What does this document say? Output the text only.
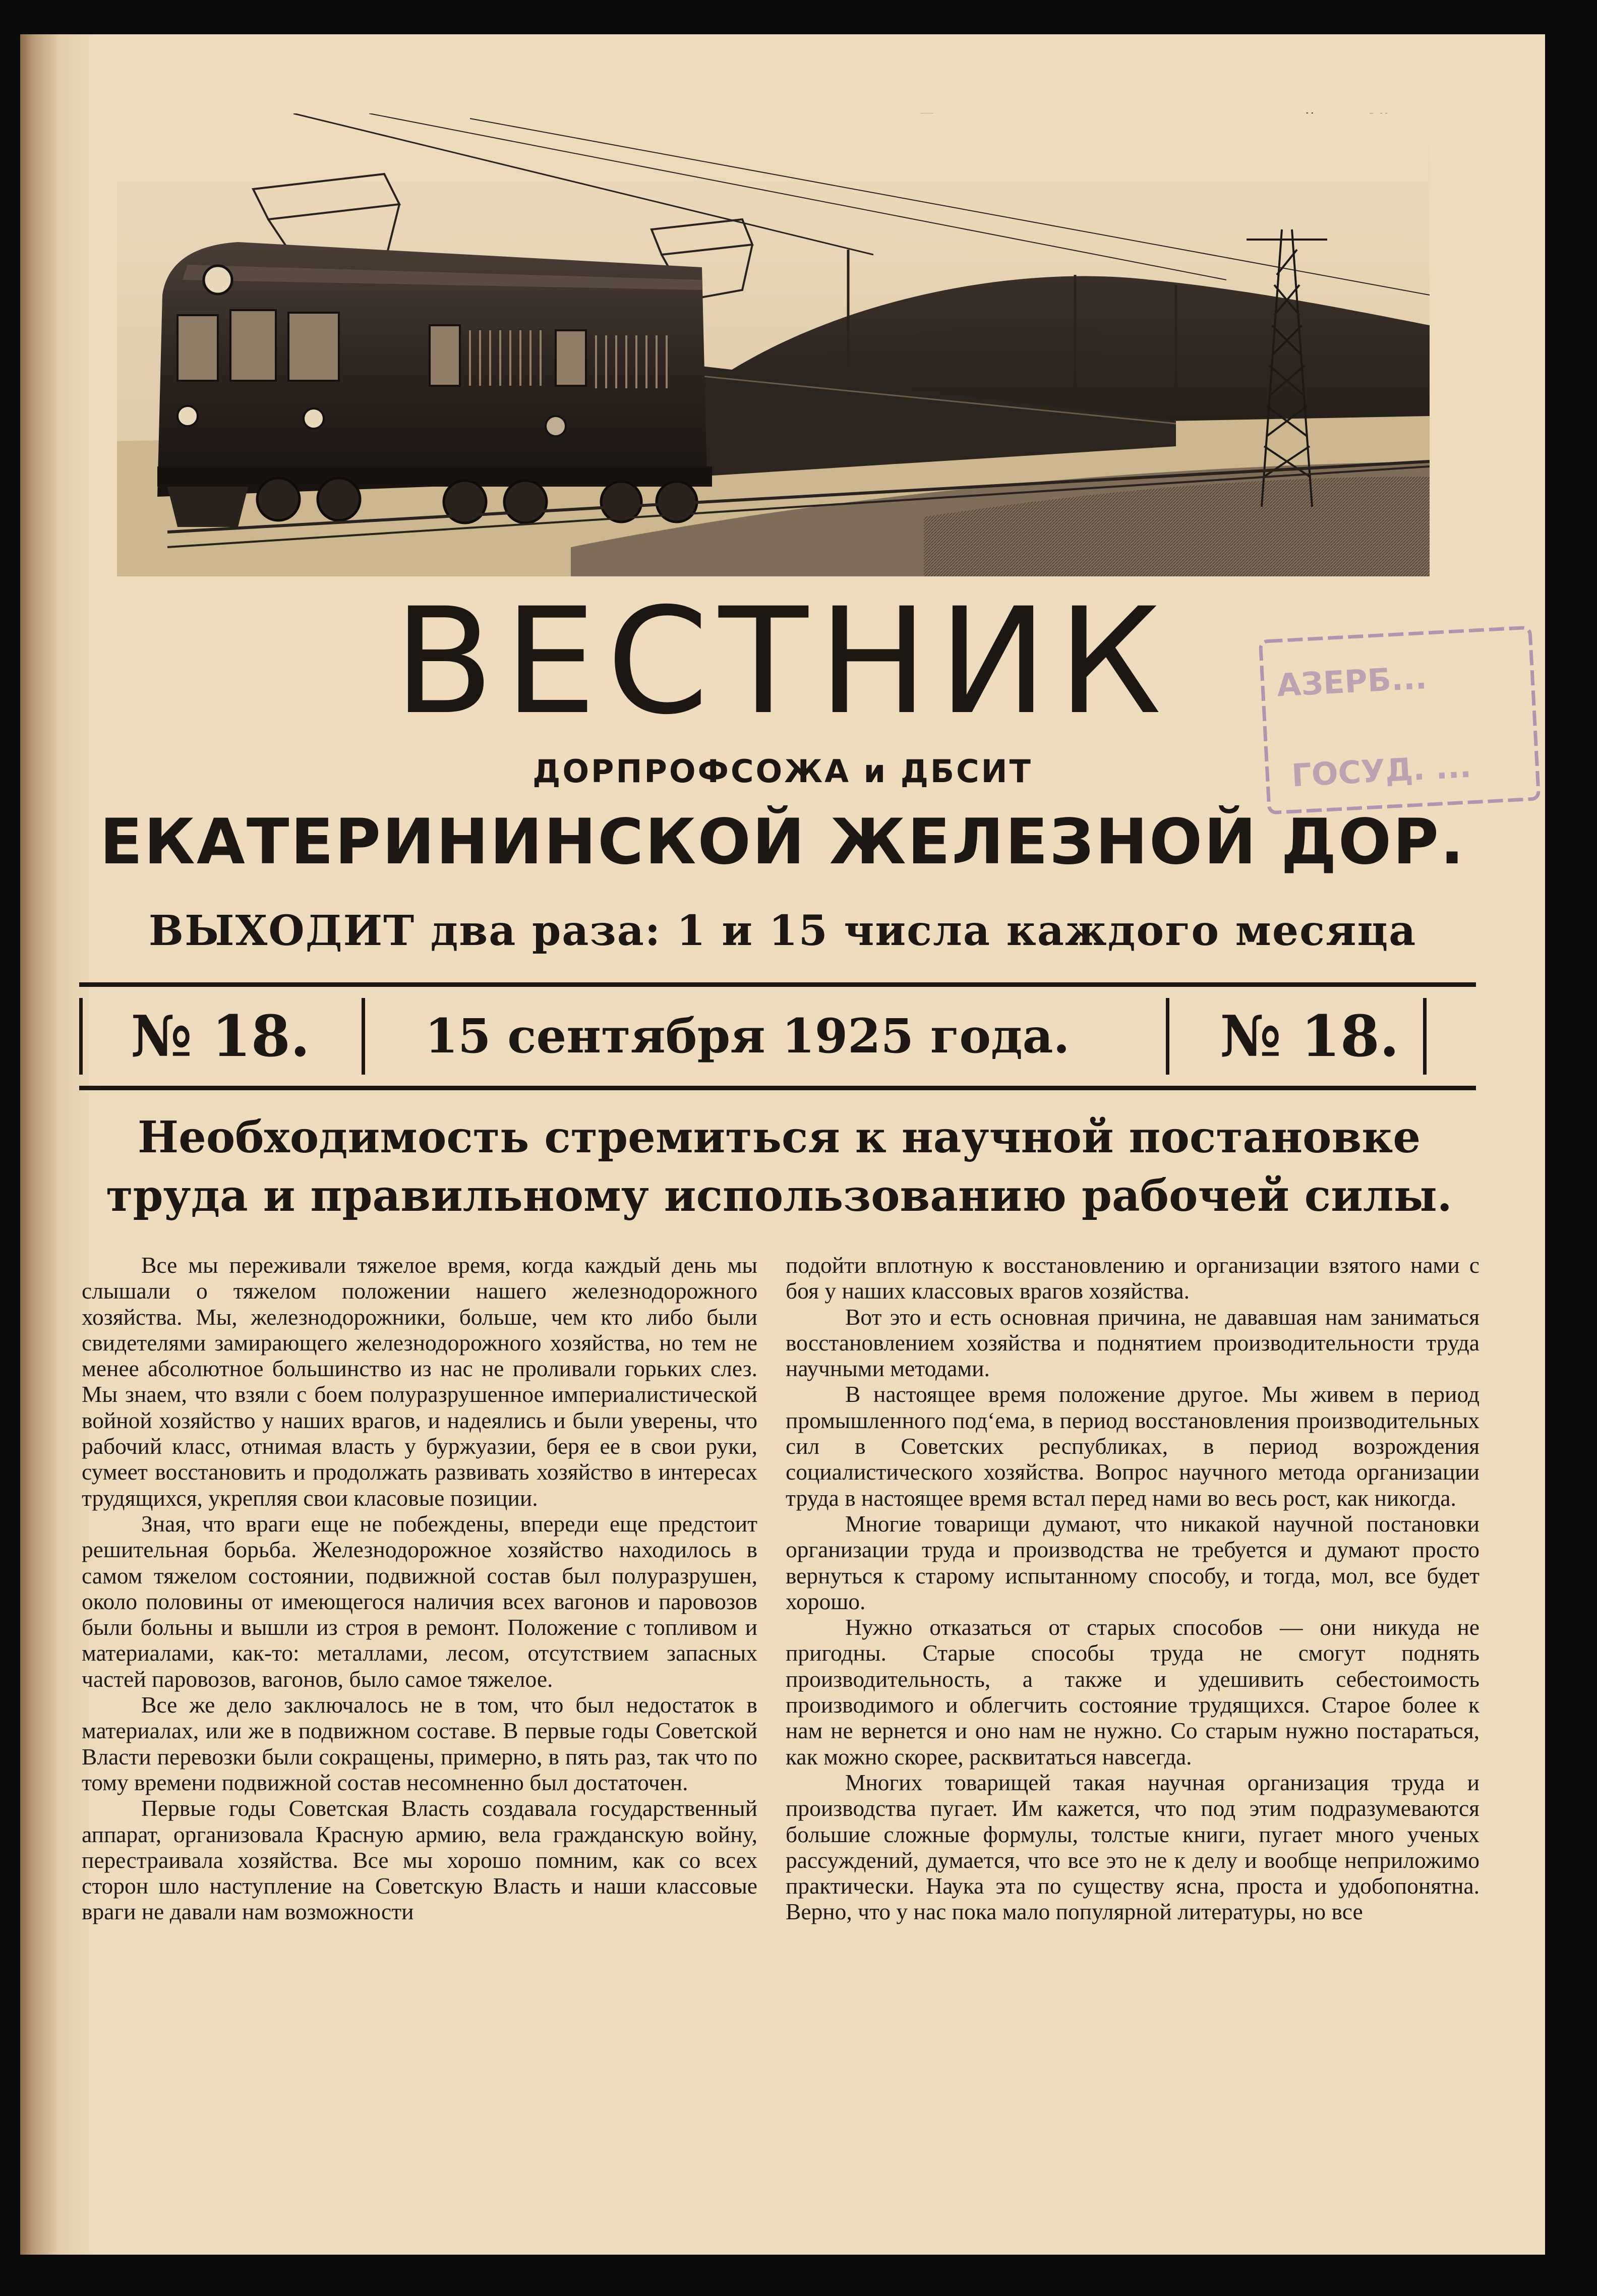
ВЕСТНИК
ДОРПРОФСОЖА и ДБСИТ
ЕКАТЕРИНИНСКОЙ ЖЕЛЕЗНОЙ ДОР.
ВЫХОДИТ два раза: 1 и 15 числа каждого месяца
АЗЕРБ...
ГОСУД. ...
№ 18.	15 сентября 1925 года.	№ 18.
Необходимость стремиться к научной постановке труда и правильному использованию рабочей силы.

Все мы переживали тяжелое время, когда каждый день мы слышали о тяжелом положении нашего железнодорожного хозяйства. Мы, железнодорожники, больше, чем кто либо были свидетелями замирающего железнодорожного хозяйства, но тем не менее абсолютное большинство из нас не проливали горьких слез. Мы знаем, что взяли с боем полуразрушенное империалистической войной хозяйство у наших врагов, и надеялись и были уверены, что рабочий класс, отнимая власть у буржуазии, беря ее в свои руки, сумеет восстановить и продолжать развивать хозяйство в интересах трудящихся, укрепляя свои класовые позиции.

Зная, что враги еще не побеждены, впереди еще предстоит решительная борьба. Железнодорожное хозяйство находилось в самом тяжелом состоянии, подвижной состав был полуразрушен, около половины от имеющегося наличия всех вагонов и паровозов были больны и вышли из строя в ремонт. Положение с топливом и материалами, как-то: металлами, лесом, отсутствием запасных частей паровозов, вагонов, было самое тяжелое.

Все же дело заключалось не в том, что был недостаток в материалах, или же в подвижном составе. В первые годы Советской Власти перевозки были сокращены, примерно, в пять раз, так что по тому времени подвижной состав несомненно был достаточен.

Первые годы Советская Власть создавала государственный аппарат, организовала Красную армию, вела гражданскую войну, перестраивала хозяйства. Все мы хорошо помним, как со всех сторон шло наступление на Советскую Власть и наши классовые враги не давали нам возможности

подойти вплотную к восстановлению и организации взятого нами с боя у наших классовых врагов хозяйства.

Вот это и есть основная причина, не дававшая нам заниматься восстановлением хозяйства и поднятием производительности труда научными методами.

В настоящее время положение другое. Мы живем в период промышленного под‘ема, в период восстановления производительных сил в Советских республиках, в период возрождения социалистического хозяйства. Вопрос научного метода организации труда в настоящее время встал перед нами во весь рост, как никогда.

Многие товарищи думают, что никакой научной постановки организации труда и производства не требуется и думают просто вернуться к старому испытанному способу, и тогда, мол, все будет хорошо.

Нужно отказаться от старых способов — они никуда не пригодны. Старые способы труда не смогут поднять производительность, а также и удешивить себестоимость производимого и облегчить состояние трудящихся. Старое более к нам не вернется и оно нам не нужно. Со старым нужно постараться, как можно скорее, расквитаться навсегда.

Многих товарищей такая научная организация труда и производства пугает. Им кажется, что под этим подразумеваются большие сложные формулы, толстые книги, пугает много ученых рассуждений, думается, что все это не к делу и вообще неприложимо практически. Наука эта по существу ясна, проста и удобопонятна. Верно, что у нас пока мало популярной литературы, но все
